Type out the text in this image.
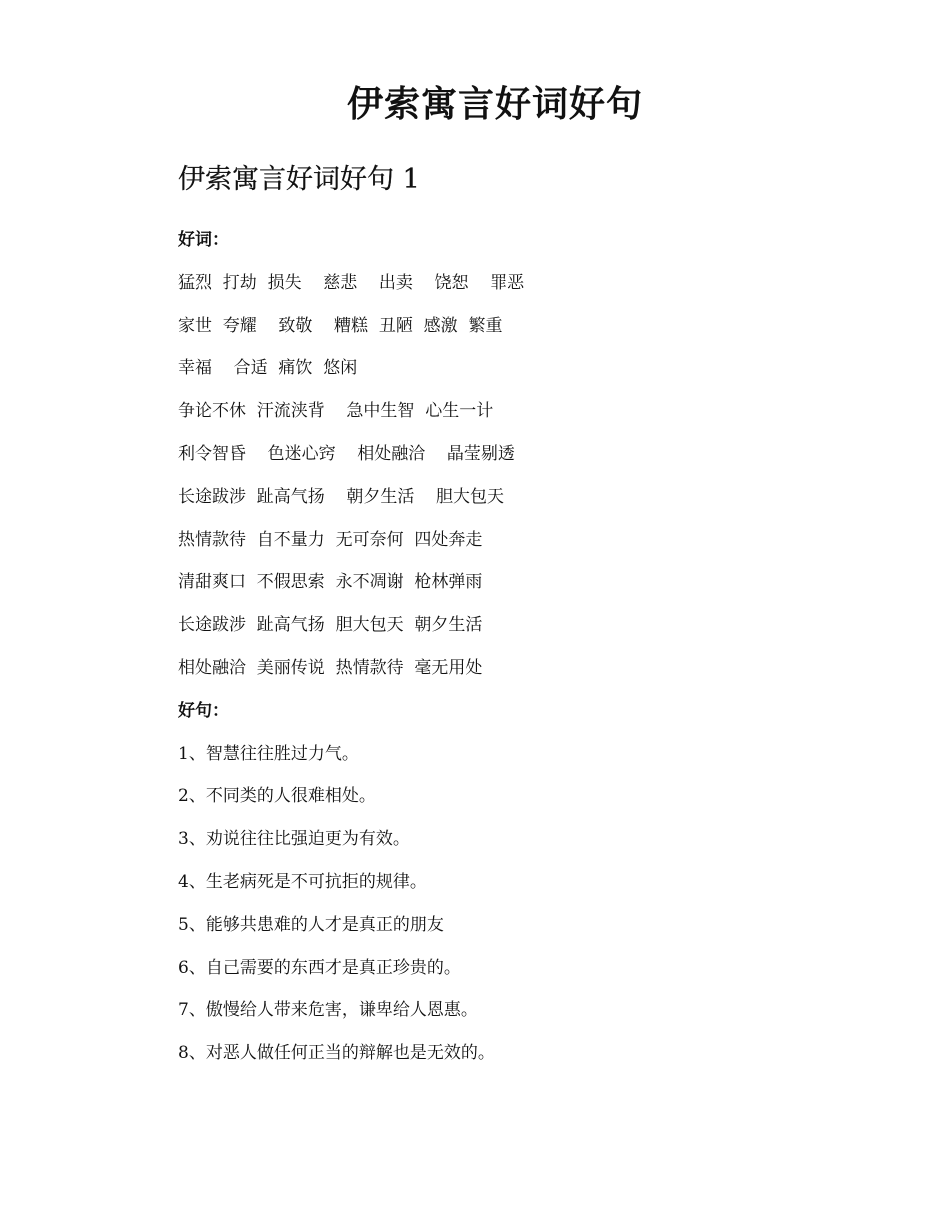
伊索寓言好词好句
伊索寓言好词好句 1
好词：
猛烈  打劫  损失    慈悲    出卖    饶恕    罪恶
家世  夸耀    致敬    糟糕  丑陋  感激  繁重
幸福    合适  痛饮  悠闲
争论不休  汗流浃背    急中生智  心生一计
利令智昏    色迷心窍    相处融洽    晶莹剔透
长途跋涉  趾高气扬    朝夕生活    胆大包天
热情款待  自不量力  无可奈何  四处奔走
清甜爽口  不假思索  永不凋谢  枪林弹雨
长途跋涉  趾高气扬  胆大包天  朝夕生活
相处融洽  美丽传说  热情款待  毫无用处
好句：
1、智慧往往胜过力气。
2、不同类的人很难相处。
3、劝说往往比强迫更为有效。
4、生老病死是不可抗拒的规律。
5、能够共患难的人才是真正的朋友
6、自己需要的东西才是真正珍贵的。
7、傲慢给人带来危害，谦卑给人恩惠。
8、对恶人做任何正当的辩解也是无效的。
